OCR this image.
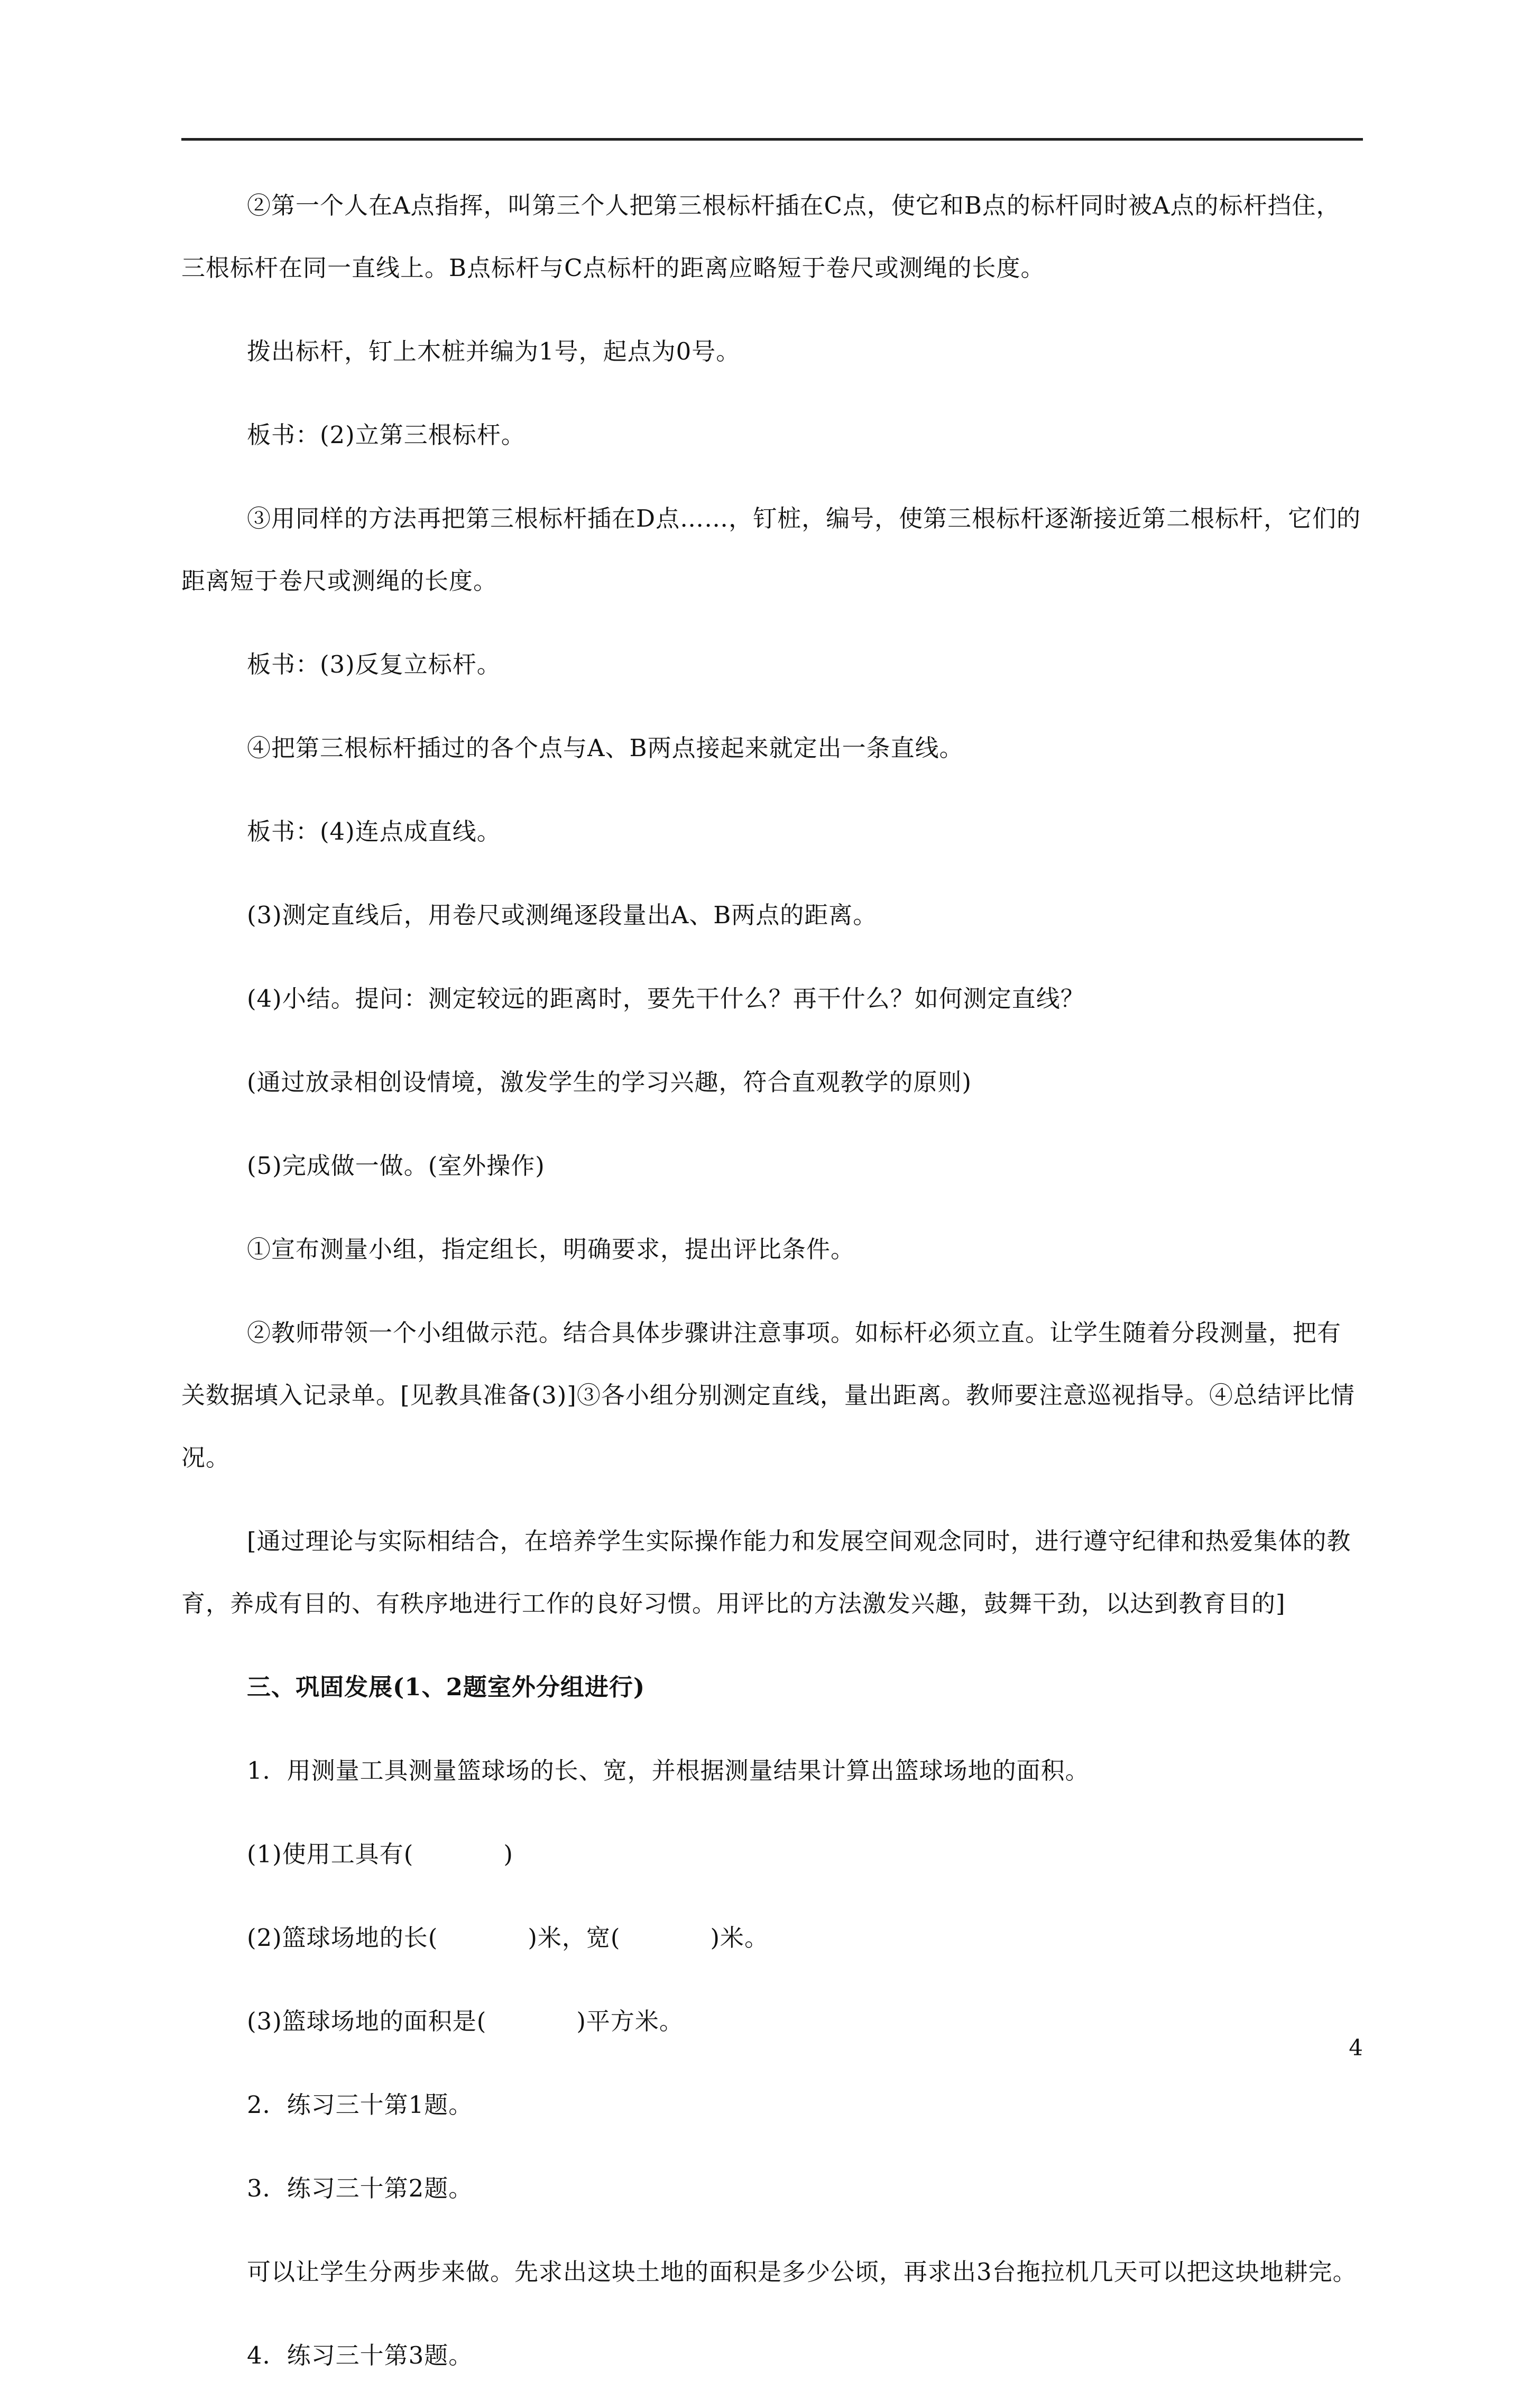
②第一个人在A点指挥，叫第三个人把第三根标杆插在C点，使它和B点的标杆同时被A点的标杆挡住，三根标杆在同一直线上。B点标杆与C点标杆的距离应略短于卷尺或测绳的长度。

拨出标杆，钉上木桩并编为1号，起点为0号。

板书：(2)立第三根标杆。

③用同样的方法再把第三根标杆插在D点……，钉桩，编号，使第三根标杆逐渐接近第二根标杆，它们的距离短于卷尺或测绳的长度。

板书：(3)反复立标杆。

④把第三根标杆插过的各个点与A、B两点接起来就定出一条直线。

板书：(4)连点成直线。

(3)测定直线后，用卷尺或测绳逐段量出A、B两点的距离。

(4)小结。提问：测定较远的距离时，要先干什么？再干什么？如何测定直线？

(通过放录相创设情境，激发学生的学习兴趣，符合直观教学的原则)

(5)完成做一做。(室外操作)

①宣布测量小组，指定组长，明确要求，提出评比条件。

②教师带领一个小组做示范。结合具体步骤讲注意事项。如标杆必须立直。让学生随着分段测量，把有关数据填入记录单。[见教具准备(3)]③各小组分别测定直线，量出距离。教师要注意巡视指导。④总结评比情况。

[通过理论与实际相结合，在培养学生实际操作能力和发展空间观念同时，进行遵守纪律和热爱集体的教育，养成有目的、有秩序地进行工作的良好习惯。用评比的方法激发兴趣，鼓舞干劲，以达到教育目的]

三、巩固发展(1、2题室外分组进行)

1．用测量工具测量篮球场的长、宽，并根据测量结果计算出篮球场地的面积。

(1)使用工具有(	)

(2)篮球场地的长(	)米，宽(	)米。

(3)篮球场地的面积是(	)平方米。

2．练习三十第1题。

3．练习三十第2题。

可以让学生分两步来做。先求出这块土地的面积是多少公顷，再求出3台拖拉机几天可以把这块地耕完。

4．练习三十第3题。

4
